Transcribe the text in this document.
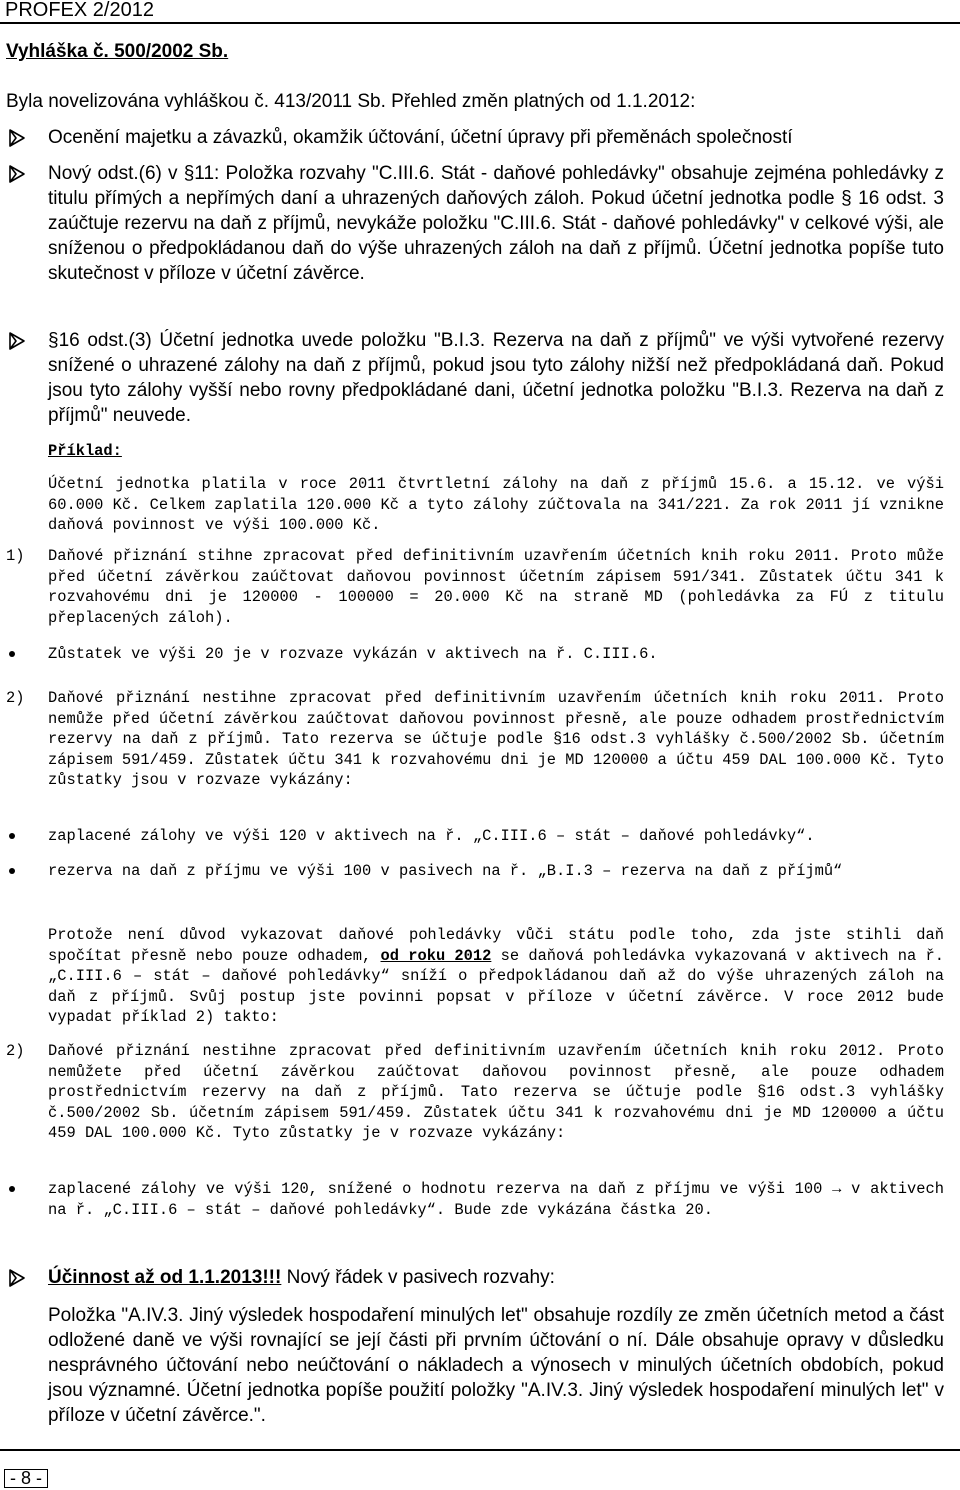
PROFEX 2/2012
Vyhláška č. 500/2002 Sb.
Byla novelizována vyhláškou č. 413/2011 Sb. Přehled změn platných od 1.1.2012:

Ocenění majetku a závazků, okamžik účtování, účetní úpravy při přeměnách společností

Nový odst.(6) v §11: Položka rozvahy "C.III.6. Stát - daňové pohledávky" obsahuje zejména pohledávky z titulu přímých a nepřímých daní a uhrazených daňových záloh. Pokud účetní jednotka podle § 16 odst. 3 zaúčtuje rezervu na daň z příjmů, nevykáže položku "C.III.6. Stát - daňové pohledávky" v celkové výši, ale sníženou o předpokládanou daň do výše uhrazených záloh na daň z příjmů. Účetní jednotka popíše tuto skutečnost v příloze v účetní závěrce.

§16 odst.(3) Účetní jednotka uvede položku "B.I.3. Rezerva na daň z příjmů" ve výši vytvořené rezervy snížené o uhrazené zálohy na daň z příjmů, pokud jsou tyto zálohy nižší než předpokládaná daň. Pokud jsou tyto zálohy vyšší nebo rovny předpokládané dani, účetní jednotka položku "B.I.3. Rezerva na daň z příjmů" neuvede.

Příklad:

Účetní jednotka platila v roce 2011 čtvrtletní zálohy na daň z příjmů 15.6. a 15.12. ve výši 60.000 Kč. Celkem zaplatila 120.000 Kč a tyto zálohy zúčtovala na 341/221. Za rok 2011 jí vznikne daňová povinnost ve výši 100.000 Kč.

1) Daňové přiznání stihne zpracovat před definitivním uzavřením účetních knih roku 2011. Proto může před účetní závěrkou zaúčtovat daňovou povinnost účetním zápisem 591/341. Zůstatek účtu 341 k rozvahovému dni je 120000 - 100000 = 20.000 Kč na straně MD (pohledávka za FÚ z titulu přeplacených záloh).

Zůstatek ve výši 20 je v rozvaze vykázán v aktivech na ř. C.III.6.

2) Daňové přiznání nestihne zpracovat před definitivním uzavřením účetních knih roku 2011. Proto nemůže před účetní závěrkou zaúčtovat daňovou povinnost přesně, ale pouze odhadem prostřednictvím rezervy na daň z příjmů. Tato rezerva se účtuje podle §16 odst.3 vyhlášky č.500/2002 Sb. účetním zápisem 591/459. Zůstatek účtu 341 k rozvahovému dni je MD 120000 a účtu 459 DAL 100.000 Kč. Tyto zůstatky jsou v rozvaze vykázány:

zaplacené zálohy ve výši 120 v aktivech na ř. „C.III.6 – stát – daňové pohledávky“.

rezerva na daň z příjmu ve výši 100 v pasivech na ř. „B.I.3 – rezerva na daň z příjmů“

Protože není důvod vykazovat daňové pohledávky vůči státu podle toho, zda jste stihli daň spočítat přesně nebo pouze odhadem, od roku 2012 se daňová pohledávka vykazovaná v aktivech na ř. „C.III.6 – stát – daňové pohledávky“ sníží o předpokládanou daň až do výše uhrazených záloh na daň z příjmů. Svůj postup jste povinni popsat v příloze v účetní závěrce. V roce 2012 bude vypadat příklad 2) takto:

2) Daňové přiznání nestihne zpracovat před definitivním uzavřením účetních knih roku 2012. Proto nemůžete před účetní závěrkou zaúčtovat daňovou povinnost přesně, ale pouze odhadem prostřednictvím rezervy na daň z příjmů. Tato rezerva se účtuje podle §16 odst.3 vyhlášky č.500/2002 Sb. účetním zápisem 591/459. Zůstatek účtu 341 k rozvahovému dni je MD 120000 a účtu 459 DAL 100.000 Kč. Tyto zůstatky je v rozvaze vykázány:

zaplacené zálohy ve výši 120, snížené o hodnotu rezerva na daň z příjmu ve výši 100 → v aktivech na ř. „C.III.6 – stát – daňové pohledávky“. Bude zde vykázána částka 20.

Účinnost až od 1.1.2013!!! Nový řádek v pasivech rozvahy:

Položka "A.IV.3. Jiný výsledek hospodaření minulých let" obsahuje rozdíly ze změn účetních metod a část odložené daně ve výši rovnající se její části při prvním účtování o ní. Dále obsahuje opravy v důsledku nesprávného účtování nebo neúčtování o nákladech a výnosech v minulých účetních obdobích, pokud jsou významné. Účetní jednotka popíše použití položky "A.IV.3. Jiný výsledek hospodaření minulých let" v příloze v účetní závěrce.".

- 8 -
